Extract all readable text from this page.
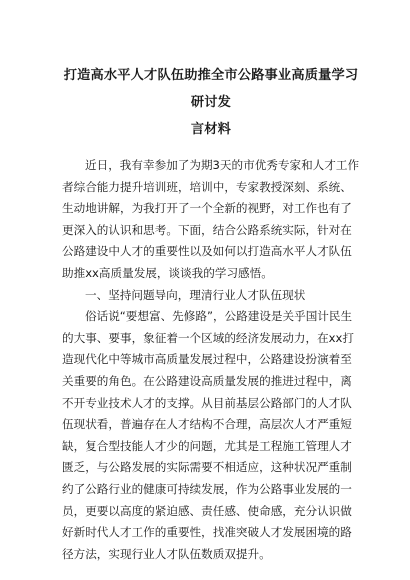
打造高水平人才队伍助推全市公路事业高质量学习研讨发
言材料

近日，我有幸参加了为期3天的市优秀专家和人才工作
者综合能力提升培训班，培训中，专家教授深刻、系统、
生动地讲解，为我打开了一个全新的视野，对工作也有了
更深入的认识和思考。下面，结合公路系统实际，针对在
公路建设中人才的重要性以及如何以打造高水平人才队伍
助推xx高质量发展，谈谈我的学习感悟。

一、坚持问题导向，理清行业人才队伍现状

俗话说“要想富、先修路”，公路建设是关乎国计民生
的大事、要事，象征着一个区域的经济发展动力，在xx打
造现代化中等城市高质量发展过程中，公路建设扮演着至
关重要的角色。在公路建设高质量发展的推进过程中，离
不开专业技术人才的支撑。从目前基层公路部门的人才队
伍现状看，普遍存在人才结构不合理，高层次人才严重短
缺，复合型技能人才少的问题，尤其是工程施工管理人才
匮乏，与公路发展的实际需要不相适应，这种状况严重制
约了公路行业的健康可持续发展，作为公路事业发展的一
员，更要以高度的紧迫感、责任感、使命感，充分认识做
好新时代人才工作的重要性，找准突破人才发展困境的路
径方法，实现行业人才队伍数质双提升。
